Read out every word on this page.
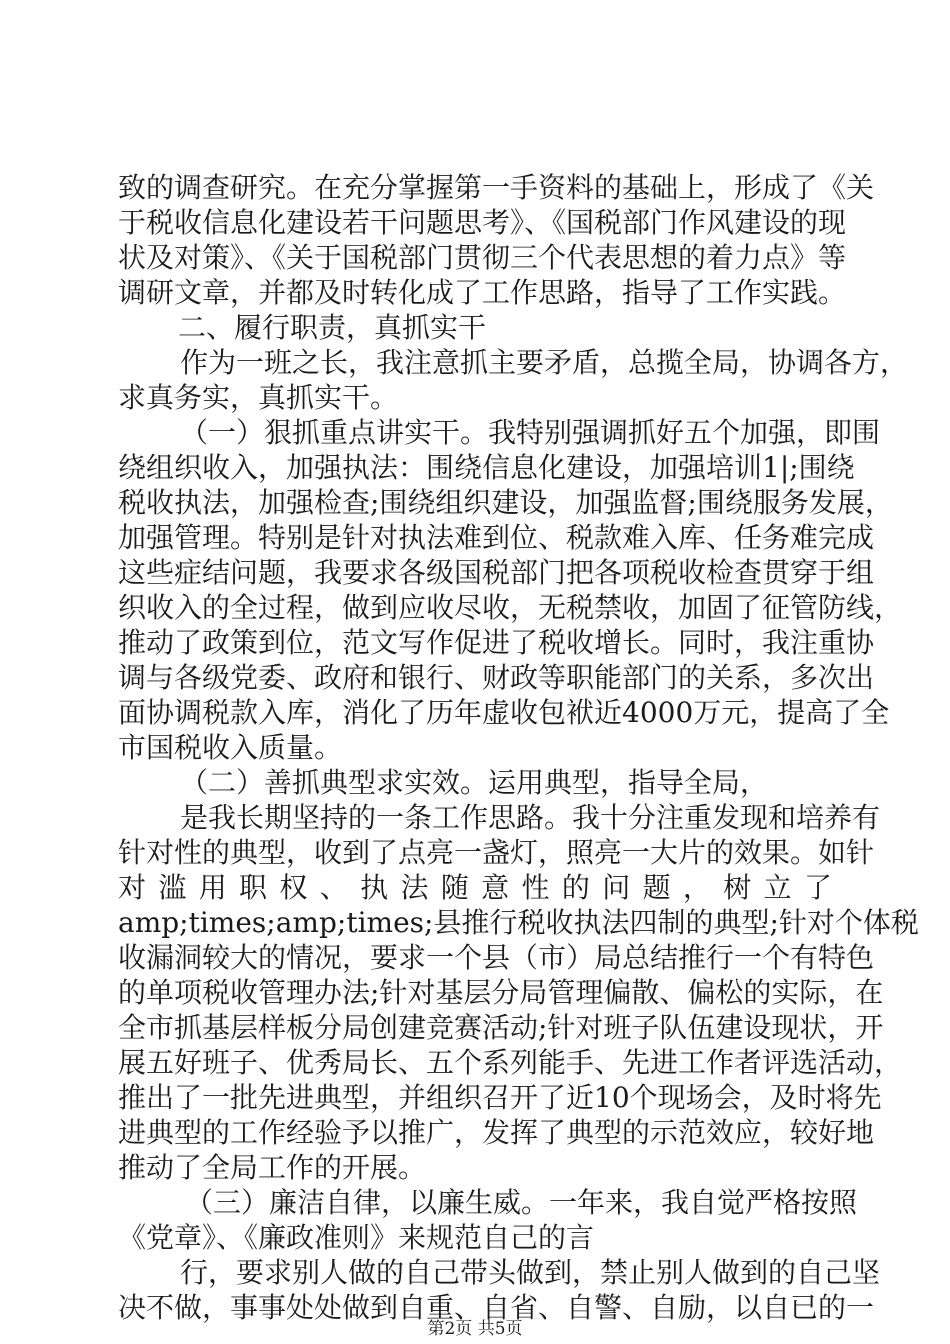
致的调查研究。在充分掌握第一手资料的基础上，形成了《关
于税收信息化建设若干问题思考》、《国税部门作风建设的现
状及对策》、《关于国税部门贯彻三个代表思想的着力点》等
调研文章，并都及时转化成了工作思路，指导了工作实践。
二、履行职责，真抓实干
作为一班之长，我注意抓主要矛盾，总揽全局，协调各方，
求真务实，真抓实干。
（一）狠抓重点讲实干。我特别强调抓好五个加强，即围
绕组织收入，加强执法：围绕信息化建设，加强培训1|;围绕
税收执法，加强检查;围绕组织建设，加强监督;围绕服务发展，
加强管理。特别是针对执法难到位、税款难入库、任务难完成
这些症结问题，我要求各级国税部门把各项税收检查贯穿于组
织收入的全过程，做到应收尽收，无税禁收，加固了征管防线，
推动了政策到位，范文写作促进了税收增长。同时，我注重协
调与各级党委、政府和银行、财政等职能部门的关系，多次出
面协调税款入库，消化了历年虚收包袱近4000万元，提高了全
市国税收入质量。
（二）善抓典型求实效。运用典型，指导全局，
是我长期坚持的一条工作思路。我十分注重发现和培养有
针对性的典型，收到了点亮一盏灯，照亮一大片的效果。如针
对 滥 用 职 权 、 执 法 随 意 性 的 问 题 ， 树 立 了
amp;times;amp;times;县推行税收执法四制的典型;针对个体税
收漏洞较大的情况，要求一个县（市）局总结推行一个有特色
的单项税收管理办法;针对基层分局管理偏散、偏松的实际，在
全市抓基层样板分局创建竞赛活动;针对班子队伍建设现状，开
展五好班子、优秀局长、五个系列能手、先进工作者评选活动，
推出了一批先进典型，并组织召开了近10个现场会，及时将先
进典型的工作经验予以推广，发挥了典型的示范效应，较好地
推动了全局工作的开展。
（三）廉洁自律，以廉生威。一年来，我自觉严格按照
《党章》、《廉政准则》来规范自己的言
行，要求别人做的自己带头做到，禁止别人做到的自己坚
决不做，事事处处做到自重、自省、自警、自励，以自已的一
第2页 共5页
